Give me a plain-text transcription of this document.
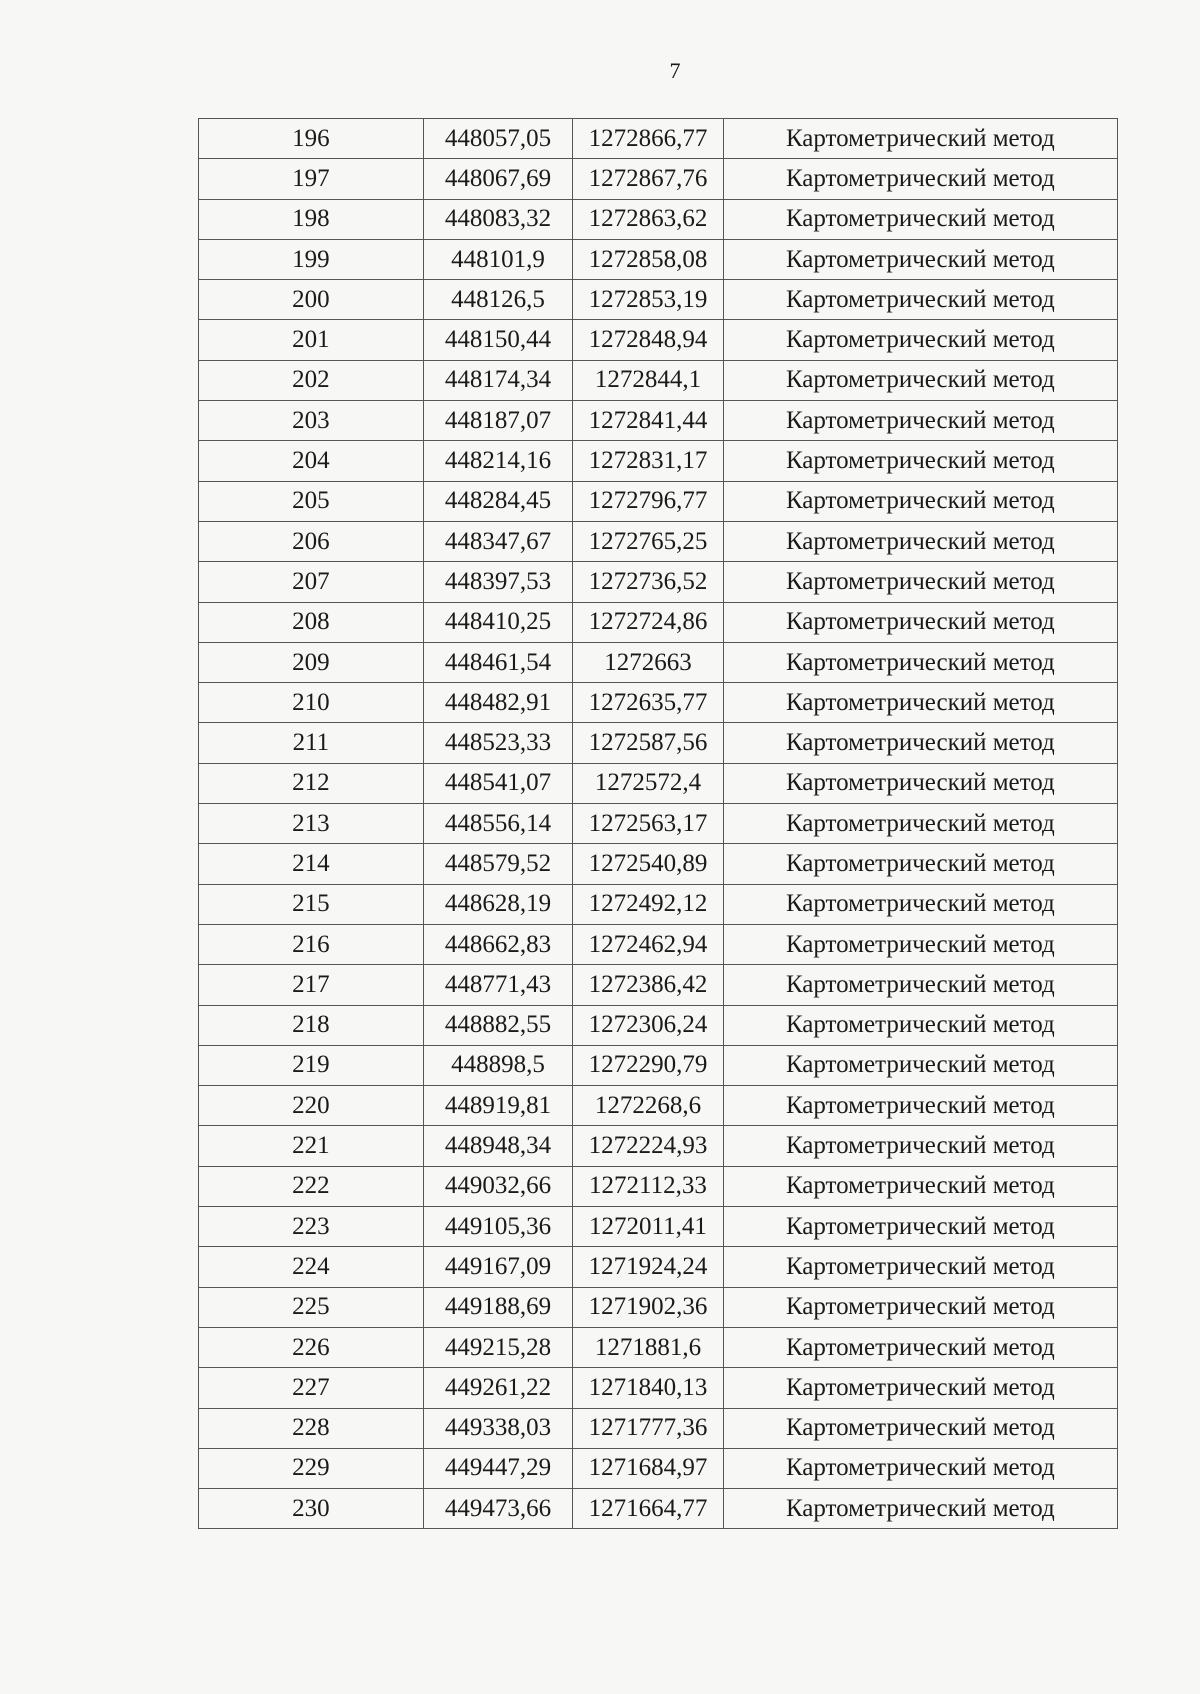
7
196	448057,05	1272866,77	Картометрический метод
197	448067,69	1272867,76	Картометрический метод
198	448083,32	1272863,62	Картометрический метод
199	448101,9	1272858,08	Картометрический метод
200	448126,5	1272853,19	Картометрический метод
201	448150,44	1272848,94	Картометрический метод
202	448174,34	1272844,1	Картометрический метод
203	448187,07	1272841,44	Картометрический метод
204	448214,16	1272831,17	Картометрический метод
205	448284,45	1272796,77	Картометрический метод
206	448347,67	1272765,25	Картометрический метод
207	448397,53	1272736,52	Картометрический метод
208	448410,25	1272724,86	Картометрический метод
209	448461,54	1272663	Картометрический метод
210	448482,91	1272635,77	Картометрический метод
211	448523,33	1272587,56	Картометрический метод
212	448541,07	1272572,4	Картометрический метод
213	448556,14	1272563,17	Картометрический метод
214	448579,52	1272540,89	Картометрический метод
215	448628,19	1272492,12	Картометрический метод
216	448662,83	1272462,94	Картометрический метод
217	448771,43	1272386,42	Картометрический метод
218	448882,55	1272306,24	Картометрический метод
219	448898,5	1272290,79	Картометрический метод
220	448919,81	1272268,6	Картометрический метод
221	448948,34	1272224,93	Картометрический метод
222	449032,66	1272112,33	Картометрический метод
223	449105,36	1272011,41	Картометрический метод
224	449167,09	1271924,24	Картометрический метод
225	449188,69	1271902,36	Картометрический метод
226	449215,28	1271881,6	Картометрический метод
227	449261,22	1271840,13	Картометрический метод
228	449338,03	1271777,36	Картометрический метод
229	449447,29	1271684,97	Картометрический метод
230	449473,66	1271664,77	Картометрический метод
